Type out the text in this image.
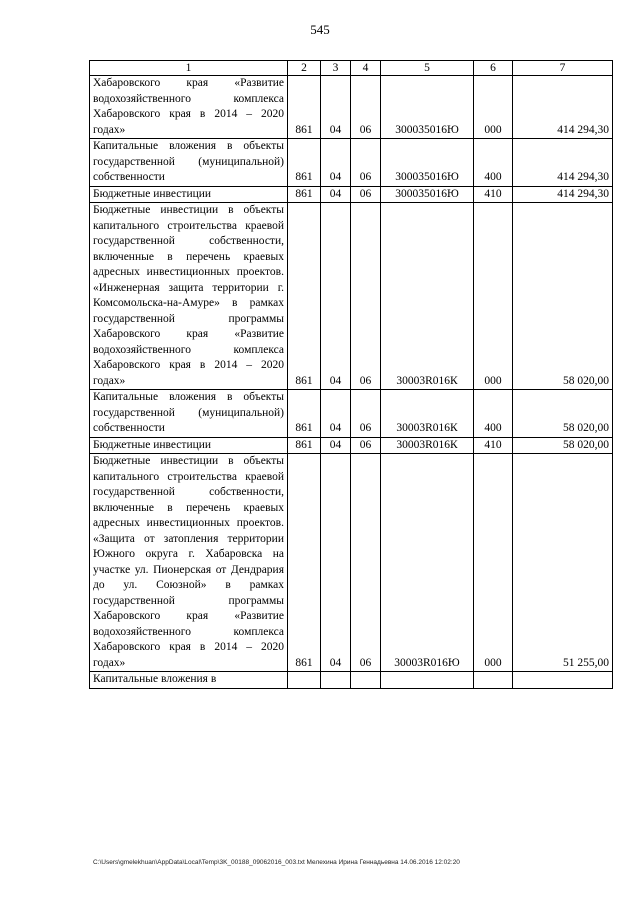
545
1	2	3	4	5	6	7
Хабаровского края «Развитие водохозяйственного комплекса Хабаровского края в 2014 – 2020 годах»	861	04	06	300035016Ю	000	414 294,30
Капитальные вложения в объекты государственной (муниципальной) собственности	861	04	06	300035016Ю	400	414 294,30
Бюджетные инвестиции	861	04	06	300035016Ю	410	414 294,30
Бюджетные инвестиции в объекты капитального строительства краевой государственной собственности, включенные в перечень краевых адресных инвестиционных проектов. «Инженерная защита территории г. Комсомольска-на-Амуре» в рамках государственной программы Хабаровского края «Развитие водохозяйственного комплекса Хабаровского края в 2014 – 2020 годах»	861	04	06	30003R016К	000	58 020,00
Капитальные вложения в объекты государственной (муниципальной) собственности	861	04	06	30003R016К	400	58 020,00
Бюджетные инвестиции	861	04	06	30003R016К	410	58 020,00
Бюджетные инвестиции в объекты капитального строительства краевой государственной собственности, включенные в перечень краевых адресных инвестиционных проектов. «Защита от затопления территории Южного округа г. Хабаровска на участке ул. Пионерская от Дендрария до ул. Союзной» в рамках государственной программы Хабаровского края «Развитие водохозяйственного комплекса Хабаровского края в 2014 – 2020 годах»	861	04	06	30003R016Ю	000	51 255,00
Капитальные вложения в						
C:\Users\gmelekhuan\AppData\Local\Temp\3K_00188_09062016_003.txt Мелехина Ирина Геннадьевна 14.06.2016 12:02:20
